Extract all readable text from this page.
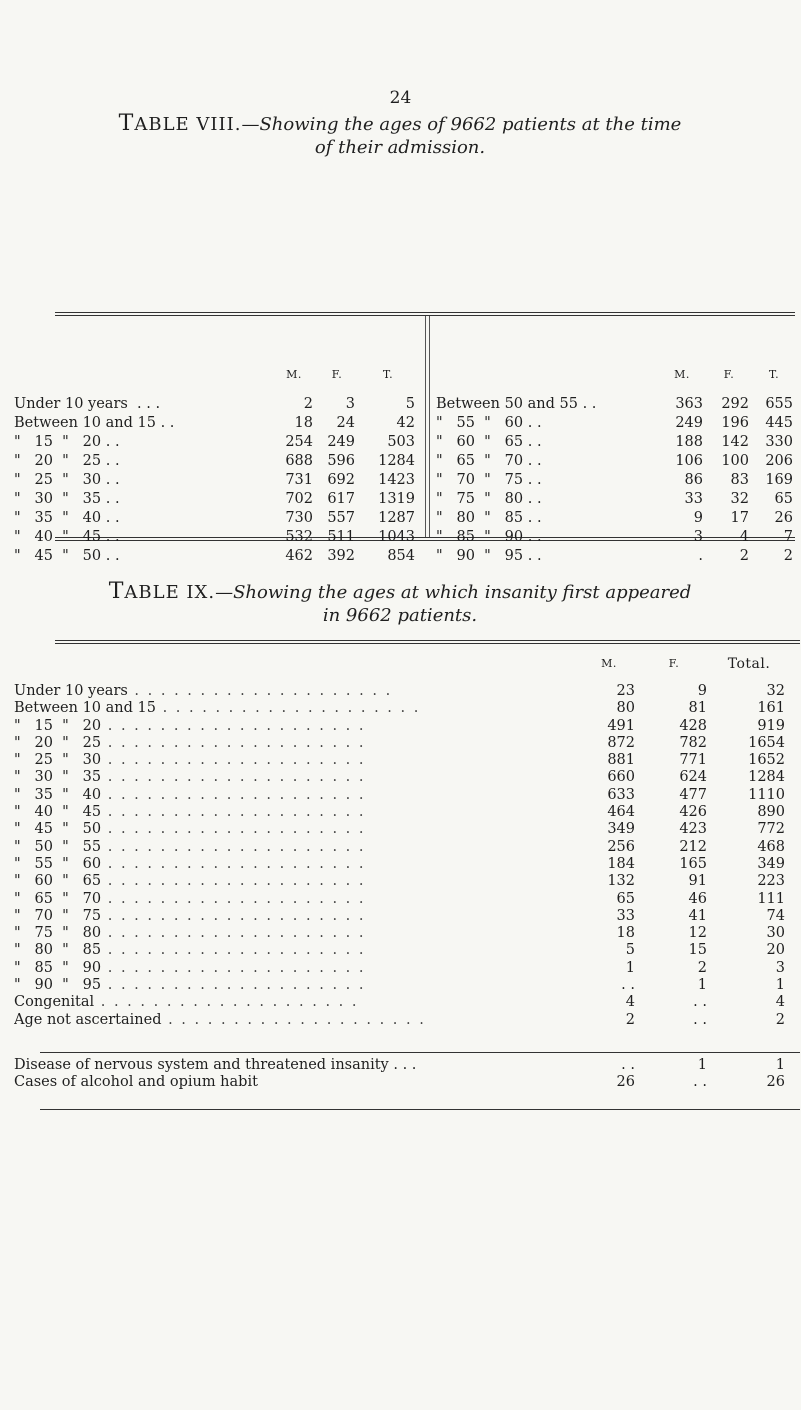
24
TABLE VIII.—Showing the ages of 9662 patients at the time
of their admission.
	M.	F.	T.			M.	F.	T.
Under 10 years  . . .	2	3	5		Between 50 and 55 . .	363	292	655
Between 10 and 15 . .	18	24	42		"   55  "   60 . .	249	196	445
"   15  "   20 . .	254	249	503		"   60  "   65 . .	188	142	330
"   20  "   25 . .	688	596	1284		"   65  "   70 . .	106	100	206
"   25  "   30 . .	731	692	1423		"   70  "   75 . .	86	83	169
"   30  "   35 . .	702	617	1319		"   75  "   80 . .	33	32	65
"   35  "   40 . .	730	557	1287		"   80  "   85 . .	9	17	26
"   40  "   45 . .	532	511	1043		"   85  "   90 . .	3	4	7
"   45  "   50 . .	462	392	854		"   90  "   95 . .	.	2	2
TABLE IX.—Showing the ages at which insanity first appeared
in 9662 patients.
	M.	F.	Total.
Under 10 years . . . . . . . . . . . . . . . . . . . .	23	9	32
Between 10 and 15 . . . . . . . . . . . . . . . . . . . .	80	81	161
"   15  "   20 . . . . . . . . . . . . . . . . . . . .	491	428	919
"   20  "   25 . . . . . . . . . . . . . . . . . . . .	872	782	1654
"   25  "   30 . . . . . . . . . . . . . . . . . . . .	881	771	1652
"   30  "   35 . . . . . . . . . . . . . . . . . . . .	660	624	1284
"   35  "   40 . . . . . . . . . . . . . . . . . . . .	633	477	1110
"   40  "   45 . . . . . . . . . . . . . . . . . . . .	464	426	890
"   45  "   50 . . . . . . . . . . . . . . . . . . . .	349	423	772
"   50  "   55 . . . . . . . . . . . . . . . . . . . .	256	212	468
"   55  "   60 . . . . . . . . . . . . . . . . . . . .	184	165	349
"   60  "   65 . . . . . . . . . . . . . . . . . . . .	132	91	223
"   65  "   70 . . . . . . . . . . . . . . . . . . . .	65	46	111
"   70  "   75 . . . . . . . . . . . . . . . . . . . .	33	41	74
"   75  "   80 . . . . . . . . . . . . . . . . . . . .	18	12	30
"   80  "   85 . . . . . . . . . . . . . . . . . . . .	5	15	20
"   85  "   90 . . . . . . . . . . . . . . . . . . . .	1	2	3
"   90  "   95 . . . . . . . . . . . . . . . . . . . .	. .	1	1
Congenital . . . . . . . . . . . . . . . . . . . .	4	. .	4
Age not ascertained . . . . . . . . . . . . . . . . . . . .	2	. .	2

Disease of nervous system and threatened insanity . . .	. .	1	1
Cases of alcohol and opium habit	26	. .	26
